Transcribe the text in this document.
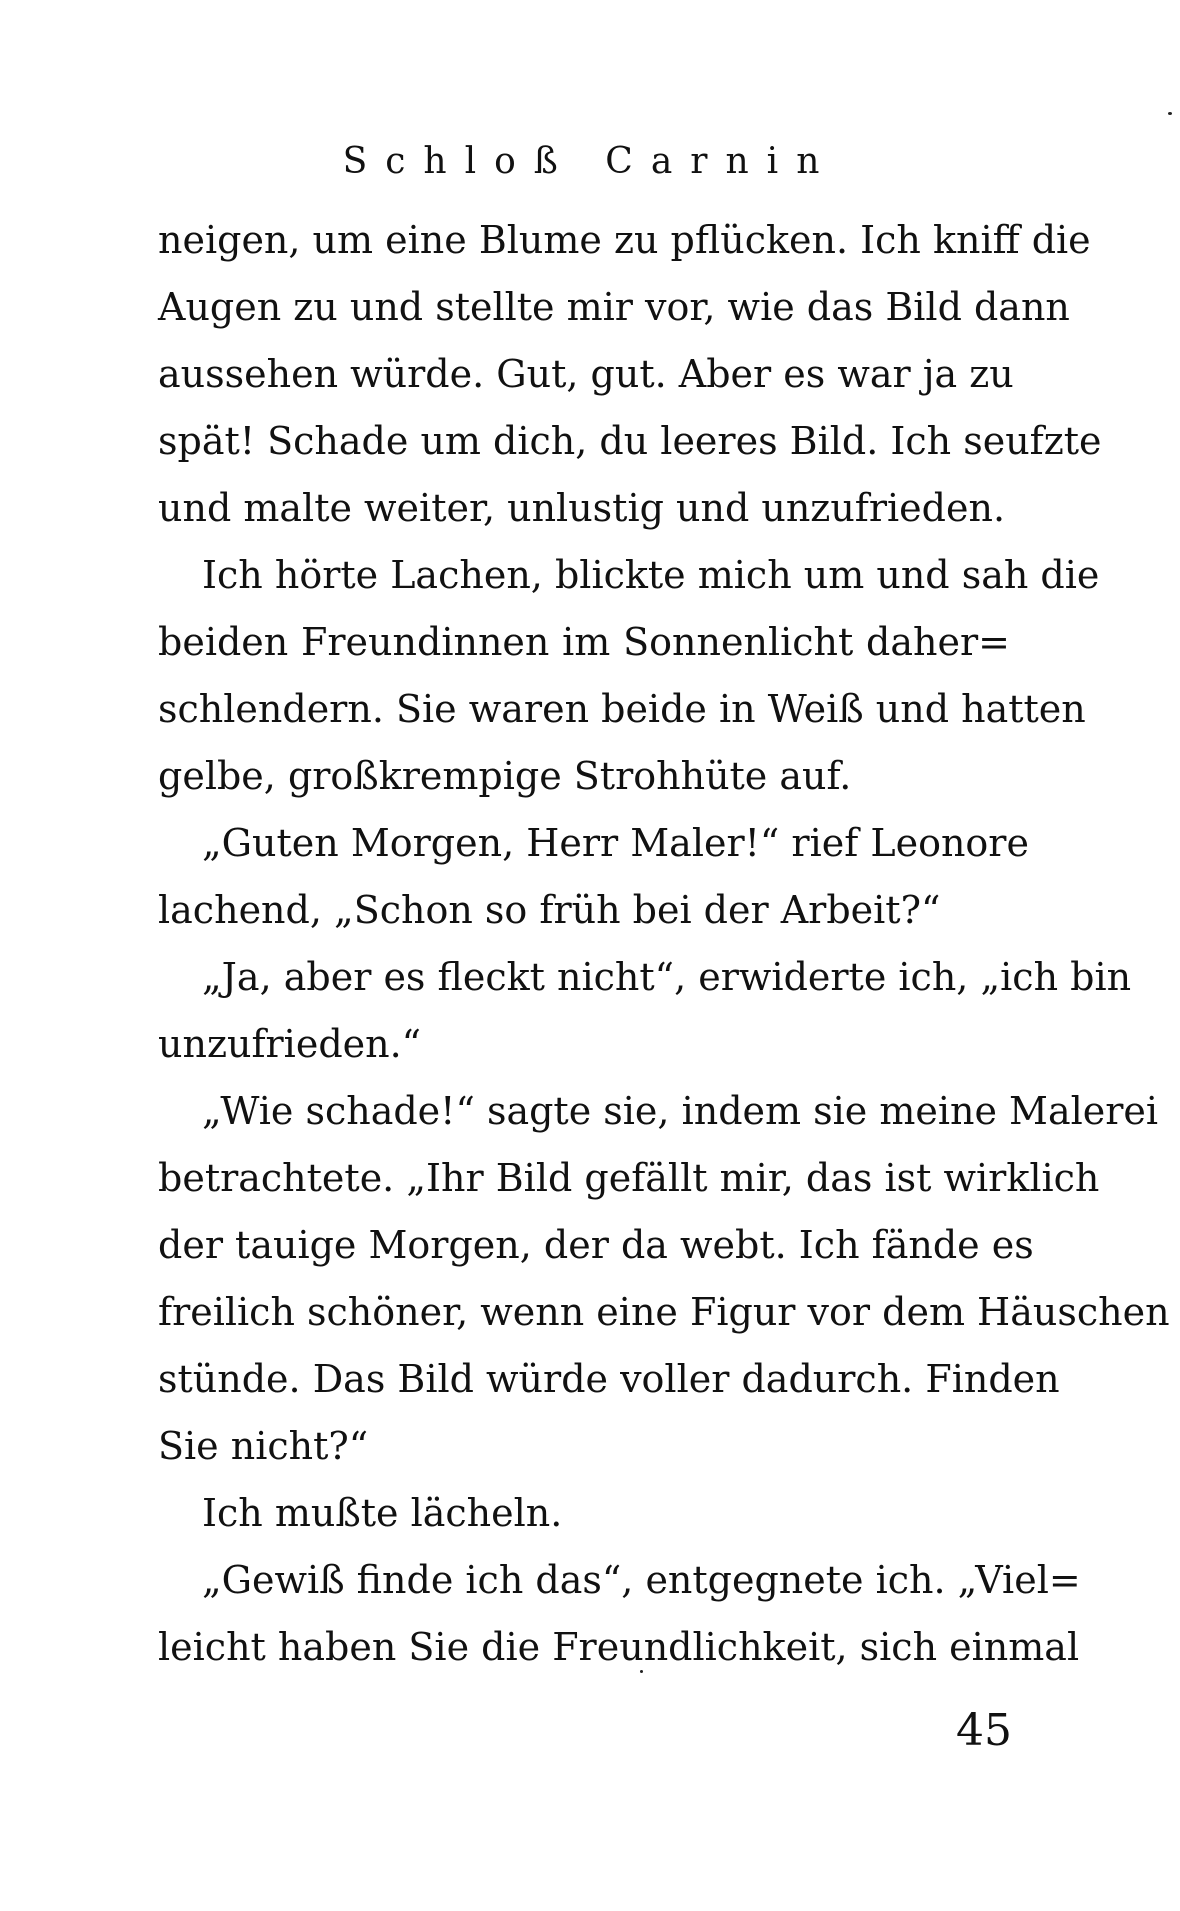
Schloß Carnin
neigen, um eine Blume zu pflücken. Ich kniff die
Augen zu und stellte mir vor, wie das Bild dann
aussehen würde. Gut, gut. Aber es war ja zu
spät! Schade um dich, du leeres Bild. Ich seufzte
und malte weiter, unlustig und unzufrieden.
Ich hörte Lachen, blickte mich um und sah die
beiden Freundinnen im Sonnenlicht daher=
schlendern. Sie waren beide in Weiß und hatten
gelbe, großkrempige Strohhüte auf.
„Guten Morgen, Herr Maler!“ rief Leonore
lachend, „Schon so früh bei der Arbeit?“
„Ja, aber es fleckt nicht“, erwiderte ich, „ich bin
unzufrieden.“
„Wie schade!“ sagte sie, indem sie meine Malerei
betrachtete. „Ihr Bild gefällt mir, das ist wirklich
der tauige Morgen, der da webt. Ich fände es
freilich schöner, wenn eine Figur vor dem Häuschen
stünde. Das Bild würde voller dadurch. Finden
Sie nicht?“
Ich mußte lächeln.
„Gewiß finde ich das“, entgegnete ich. „Viel=
leicht haben Sie die Freundlichkeit, sich einmal
45
